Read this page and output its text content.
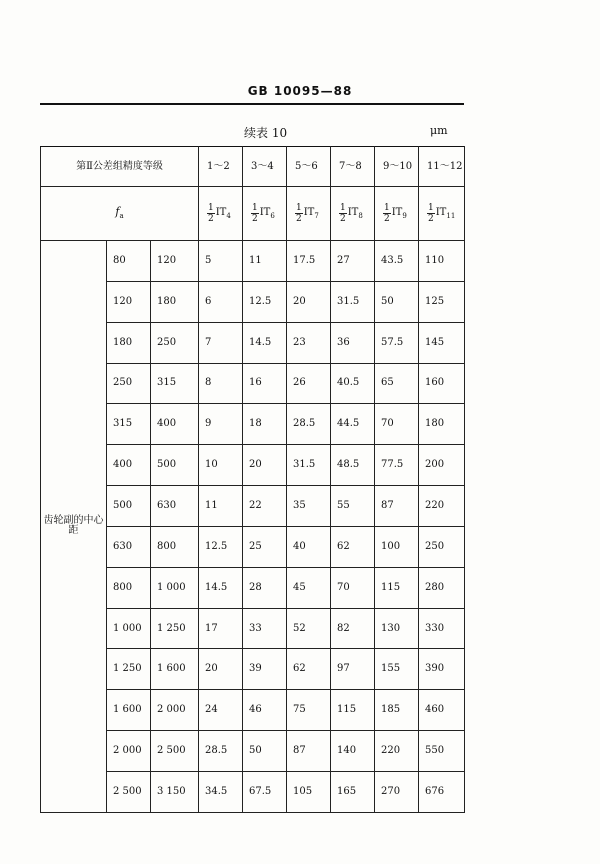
GB 10095—88
续表 10	μm
第Ⅱ公差组精度等级			1～2	3～4	5～6	7～8	9～10	11～12
$f_a$			$\frac{1}{2} IT_4$	$\frac{1}{2} IT_6$	$\frac{1}{2} IT_7$	$\frac{1}{2} IT_8$	$\frac{1}{2} IT_9$	$\frac{1}{2} IT_{11}$
齿轮副的中心距	80	120	5	11	17.5	27	43.5	110
	120	180	6	12.5	20	31.5	50	125
	180	250	7	14.5	23	36	57.5	145
	250	315	8	16	26	40.5	65	160
	315	400	9	18	28.5	44.5	70	180
	400	500	10	20	31.5	48.5	77.5	200
	500	630	11	22	35	55	87	220
	630	800	12.5	25	40	62	100	250
	800	1 000	14.5	28	45	70	115	280
	1 000	1 250	17	33	52	82	130	330
	1 250	1 600	20	39	62	97	155	390
	1 600	2 000	24	46	75	115	185	460
	2 000	2 500	28.5	50	87	140	220	550
	2 500	3 150	34.5	67.5	105	165	270	676
